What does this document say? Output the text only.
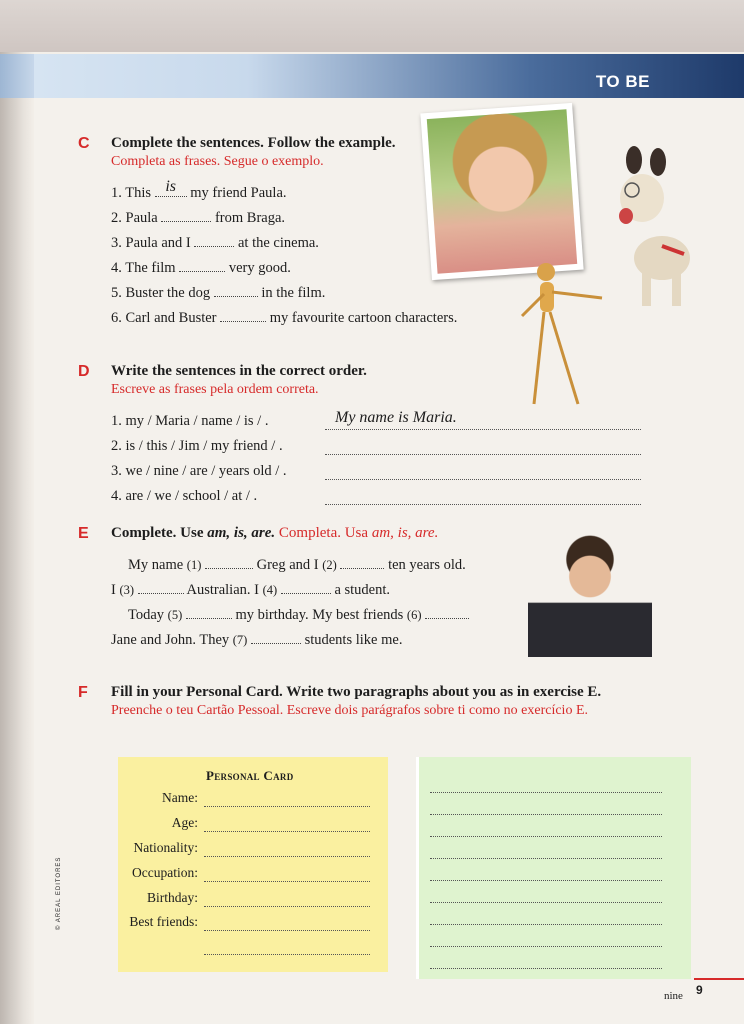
TO BE
C Complete the sentences. Follow the example.
Completa as frases. Segue o exemplo.
1. This is my friend Paula.
2. Paula	from Braga.
3. Paula and I	at the cinema.
4. The film	very good.
5. Buster the dog	in the film.
6. Carl and Buster	my favourite cartoon characters.
D Write the sentences in the correct order.
Escreve as frases pela ordem correta.
1. my / Maria / name / is / .	My name is Maria.
2. is / this / Jim / my friend / .
3. we / nine / are / years old / .
4. are / we / school / at / .
E Complete. Use am, is, are. Completa. Usa am, is, are.
My name (1)	Greg and I (2)	ten years old.
I (3)	Australian. I (4)	a student.
Today (5)	my birthday. My best friends (6)
Jane and John. They (7)	students like me.
F Fill in your Personal Card. Write two paragraphs about you as in exercise E.
Preenche o teu Cartão Pessoal. Escreve dois parágrafos sobre ti como no exercício E.
Personal Card
Name:
Age:
Nationality:
Occupation:
Birthday:
Best friends:
© AREAL EDITORES
nine 9
